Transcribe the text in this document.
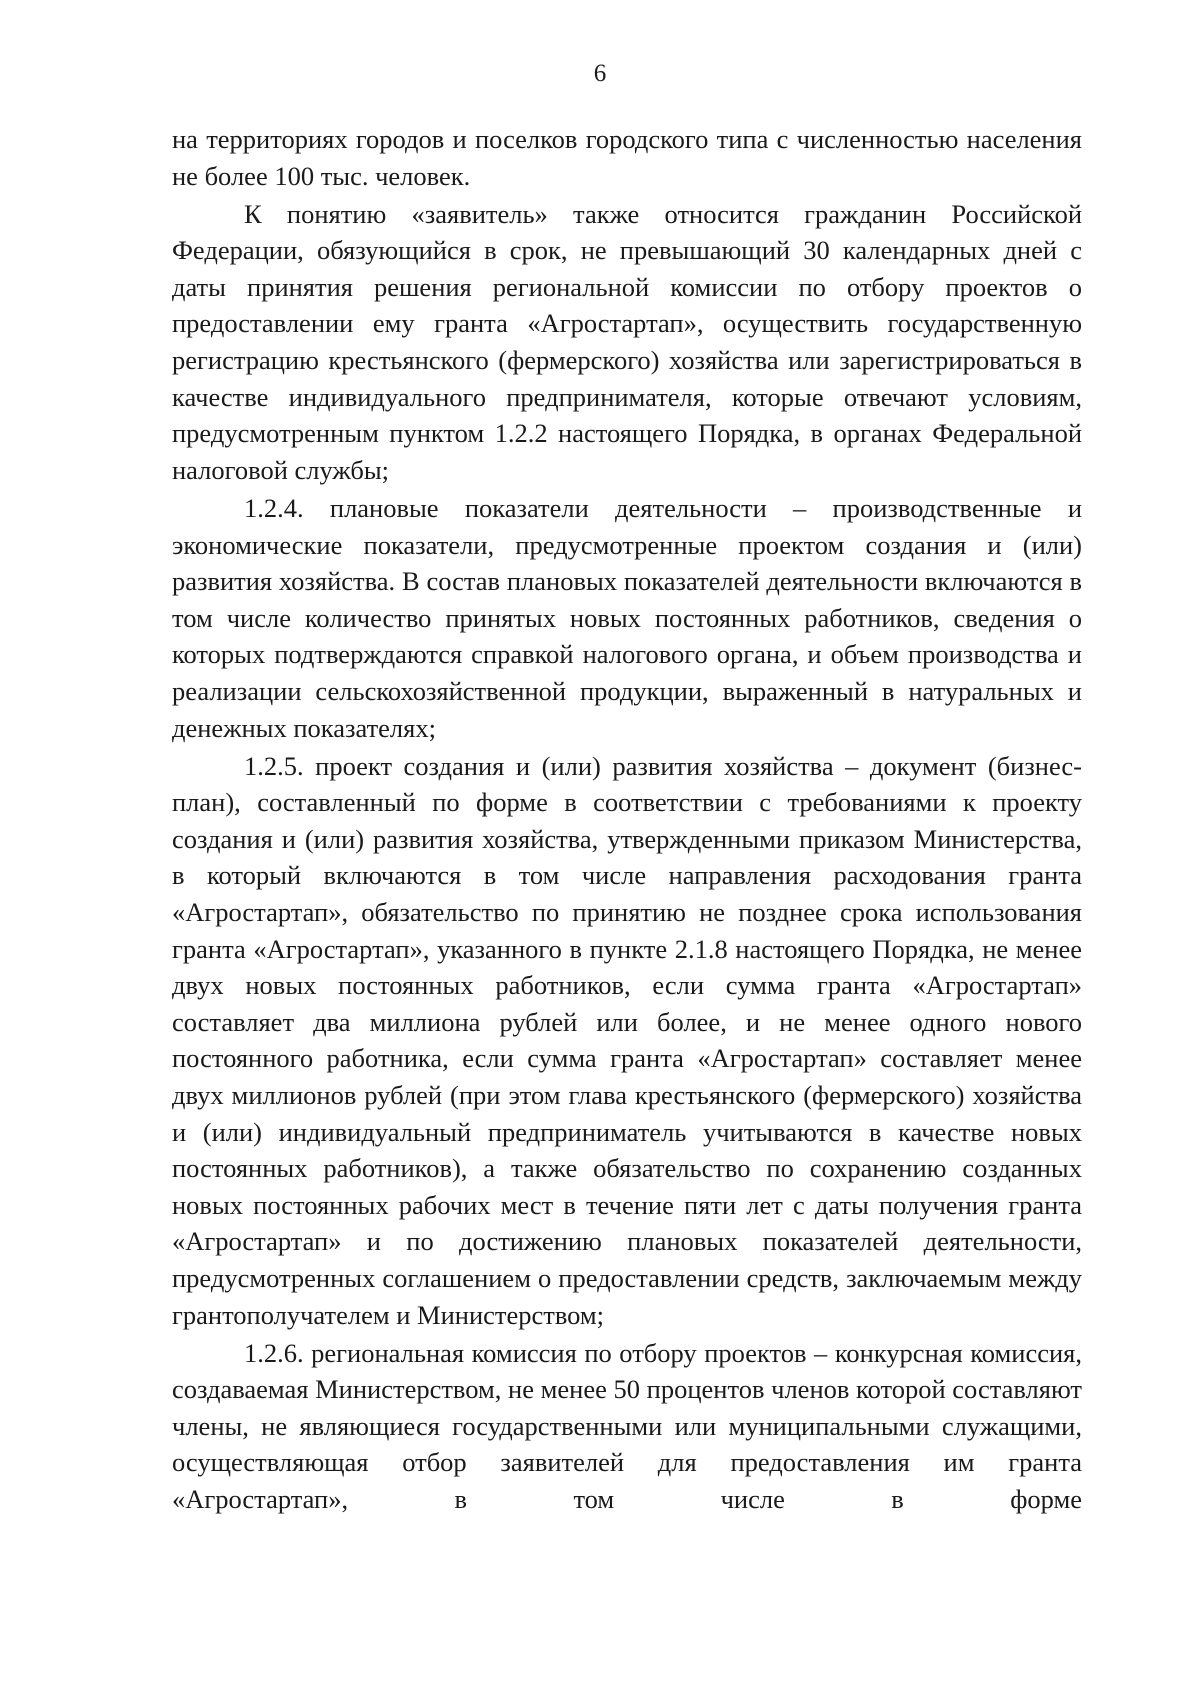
6

на территориях городов и поселков городского типа с численностью населения не более 100 тыс. человек.

К понятию «заявитель» также относится гражданин Российской Федерации, обязующийся в срок, не превышающий 30 календарных дней с даты принятия решения региональной комиссии по отбору проектов о предоставлении ему гранта «Агростартап», осуществить государственную регистрацию крестьянского (фермерского) хозяйства или зарегистрироваться в качестве индивидуального предпринимателя, которые отвечают условиям, предусмотренным пунктом 1.2.2 настоящего Порядка, в органах Федеральной налоговой службы;

1.2.4. плановые показатели деятельности – производственные и экономические показатели, предусмотренные проектом создания и (или) развития хозяйства. В состав плановых показателей деятельности включаются в том числе количество принятых новых постоянных работников, сведения о которых подтверждаются справкой налогового органа, и объем производства и реализации сельскохозяйственной продукции, выраженный в натуральных и денежных показателях;

1.2.5. проект создания и (или) развития хозяйства – документ (бизнес-план), составленный по форме в соответствии с требованиями к проекту создания и (или) развития хозяйства, утвержденными приказом Министерства, в который включаются в том числе направления расходования гранта «Агростартап», обязательство по принятию не позднее срока использования гранта «Агростартап», указанного в пункте 2.1.8 настоящего Порядка, не менее двух новых постоянных работников, если сумма гранта «Агростартап» составляет два миллиона рублей или более, и не менее одного нового постоянного работника, если сумма гранта «Агростартап» составляет менее двух миллионов рублей (при этом глава крестьянского (фермерского) хозяйства и (или) индивидуальный предприниматель учитываются в качестве новых постоянных работников), а также обязательство по сохранению созданных новых постоянных рабочих мест в течение пяти лет с даты получения гранта «Агростартап» и по достижению плановых показателей деятельности, предусмотренных соглашением о предоставлении средств, заключаемым между грантополучателем и Министерством;

1.2.6. региональная комиссия по отбору проектов – конкурсная комиссия, создаваемая Министерством, не менее 50 процентов членов которой составляют члены, не являющиеся государственными или муниципальными служащими, осуществляющая отбор заявителей для предоставления им гранта «Агростартап», в том числе в форме
